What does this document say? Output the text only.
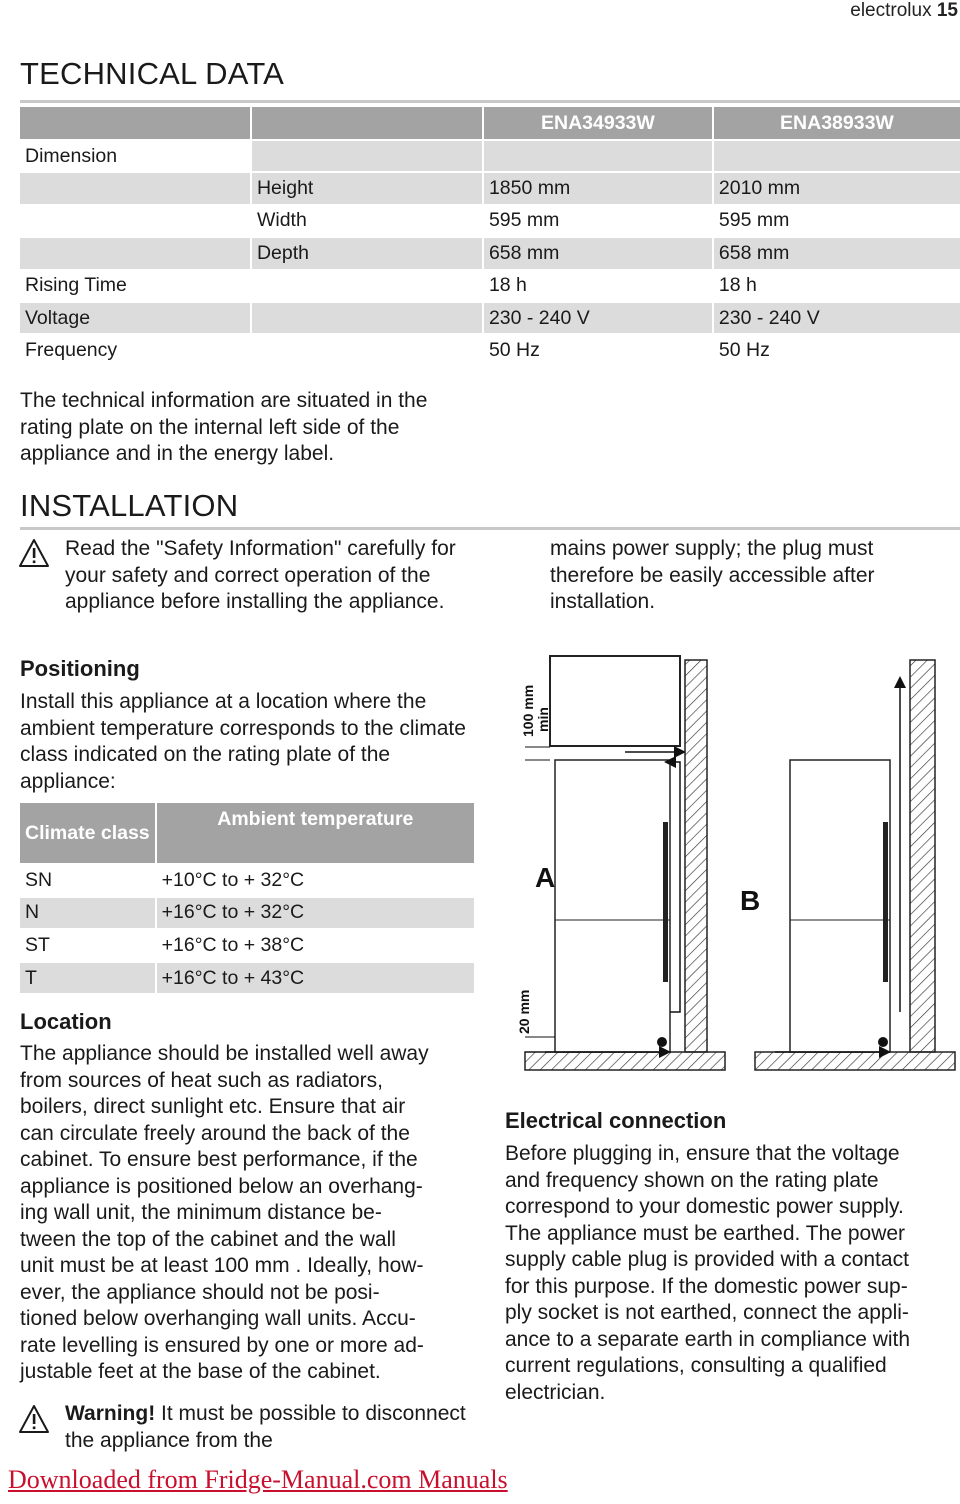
electrolux 15
TECHNICAL DATA
		ENA34933W	ENA38933W
Dimension			
	Height	1850 mm	2010 mm
	Width	595 mm	595 mm
	Depth	658 mm	658 mm
Rising Time		18 h	18 h
Voltage		230 - 240 V	230 - 240 V
Frequency		50 Hz	50 Hz
The technical information are situated in the rating plate on the internal left side of the appliance and in the energy label.
INSTALLATION
Read the "Safety Information" carefully for your safety and correct operation of the appliance before installing the appliance.
Positioning
Install this appliance at a location where the ambient temperature corresponds to the climate class indicated on the rating plate of the appliance:
Climate class	Ambient temperature
SN	+10°C to + 32°C
N	+16°C to + 32°C
ST	+16°C to + 38°C
T	+16°C to + 43°C
Location
The appliance should be installed well away
from sources of heat such as radiators,
boilers, direct sunlight etc. Ensure that air
can circulate freely around the back of the
cabinet. To ensure best performance, if the
appliance is positioned below an overhang-
ing wall unit, the minimum distance be-
tween the top of the cabinet and the wall
unit must be at least 100 mm . Ideally, how-
ever, the appliance should not be posi-
tioned below overhanging wall units. Accu-
rate levelling is ensured by one or more ad-
justable feet at the base of the cabinet.
Warning! It must be possible to disconnect the appliance from the
mains power supply; the plug must therefore be easily accessible after installation.
A
100 mm min
20 mm
B
Electrical connection
Before plugging in, ensure that the voltage
and frequency shown on the rating plate
correspond to your domestic power supply.
The appliance must be earthed. The power
supply cable plug is provided with a contact
for this purpose. If the domestic power sup-
ply socket is not earthed, connect the appli-
ance to a separate earth in compliance with
current regulations, consulting a qualified
electrician.
Downloaded from Fridge-Manual.com Manuals
